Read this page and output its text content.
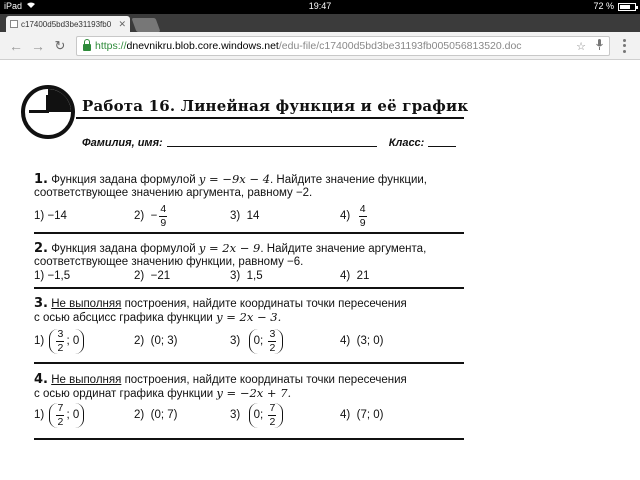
iPad	19:47	72 %
c17400d5bd3be31193fb0 ✕
← → ↻	https:// dnevnikru.blob.core.windows.net /edu-file/c17400d5bd3be31193fb005056813520.doc	☆
Работа 16. Линейная функция и её график
Фамилия, имя:	Класс:
1. Функция задана формулой y = −9x − 4. Найдите значение функции,
соответствующее значению аргумента, равному −2.
1)
−14	2)
− $\frac{4}{9}$	3)
14	4)
$\frac{4}{9}$
2. Функция задана формулой y = 2x − 9. Найдите значение аргумента,
соответствующее значению функции, равному −6.
1)
−1,5	2)
−21	3)
1,5	4)
21
3. Не выполняя построения, найдите координаты точки пересечения
с осью абсцисс графика функции y = 2x − 3.
1)
$\frac{3}{2}$ ; 0	2)
(0; 3)	3)
0 ; $\frac{3}{2}$	4)
(3; 0)
4. Не выполняя построения, найдите координаты точки пересечения
с осью ординат графика функции y = −2x + 7.
1)
$\frac{7}{2}$ ; 0	2)
(0; 7)	3)
0 ; $\frac{7}{2}$	4)
(7; 0)
